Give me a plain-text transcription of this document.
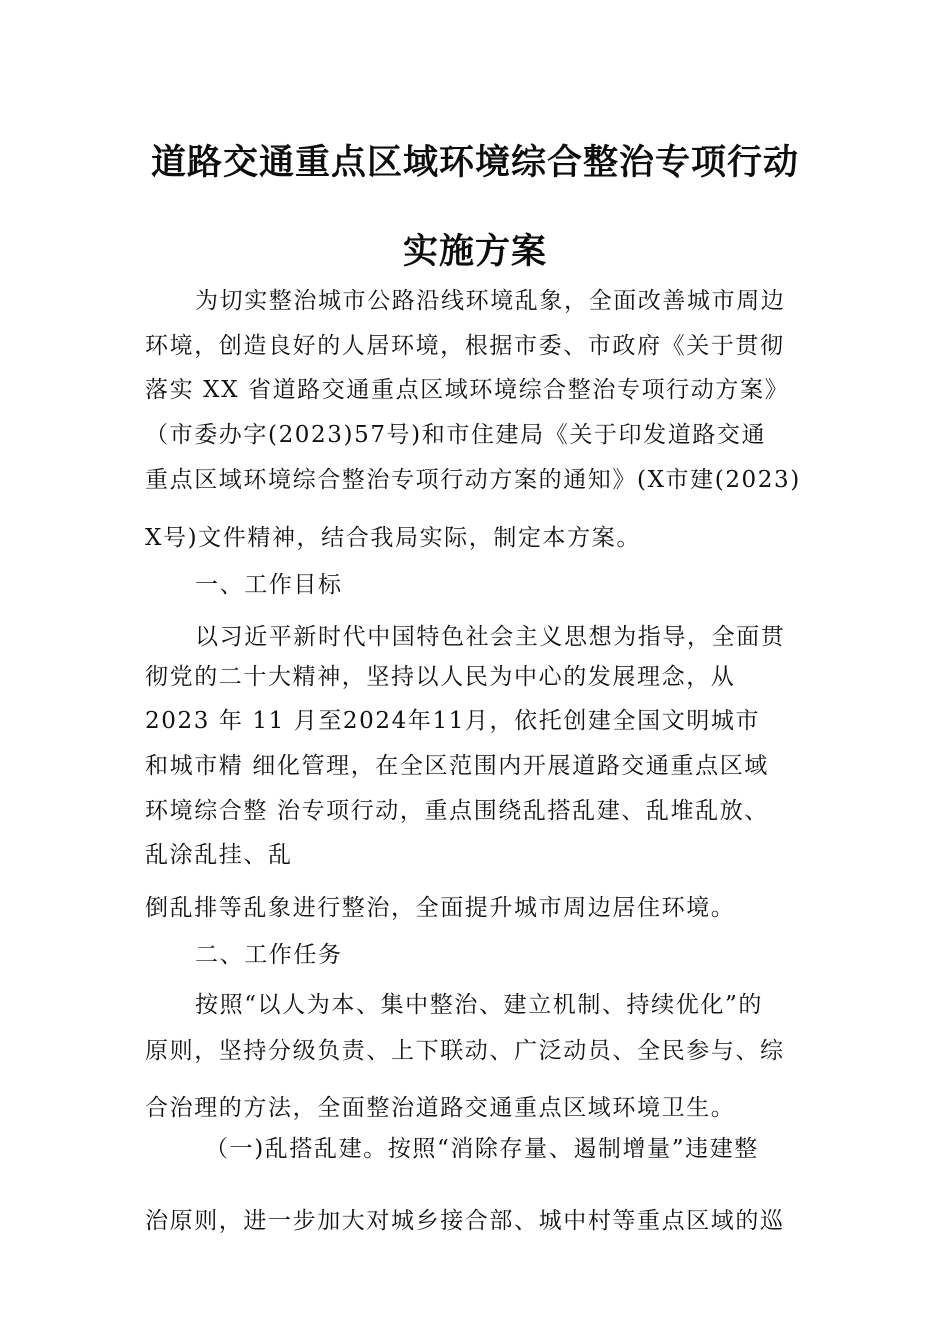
道路交通重点区域环境综合整治专项行动
实施方案
为切实整治城市公路沿线环境乱象，全面改善城市周边
环境，创造良好的人居环境，根据市委、市政府《关于贯彻
落实 XX 省道路交通重点区域环境综合整治专项行动方案》
（市委办字(2023)57号)和市住建局《关于印发道路交通
重点区域环境综合整治专项行动方案的通知》(X市建(2023)
X号)文件精神，结合我局实际，制定本方案。
一、工作目标
以习近平新时代中国特色社会主义思想为指导，全面贯
彻党的二十大精神，坚持以人民为中心的发展理念，从
2023 年 11 月至2024年11月，依托创建全国文明城市
和城市精 细化管理，在全区范围内开展道路交通重点区域
环境综合整 治专项行动，重点围绕乱搭乱建、乱堆乱放、
乱涂乱挂、乱
倒乱排等乱象进行整治，全面提升城市周边居住环境。
二、工作任务
按照“以人为本、集中整治、建立机制、持续优化”的
原则，坚持分级负责、上下联动、广泛动员、全民参与、综
合治理的方法，全面整治道路交通重点区域环境卫生。
（一)乱搭乱建。按照“消除存量、遏制增量”违建整
治原则，进一步加大对城乡接合部、城中村等重点区域的巡
